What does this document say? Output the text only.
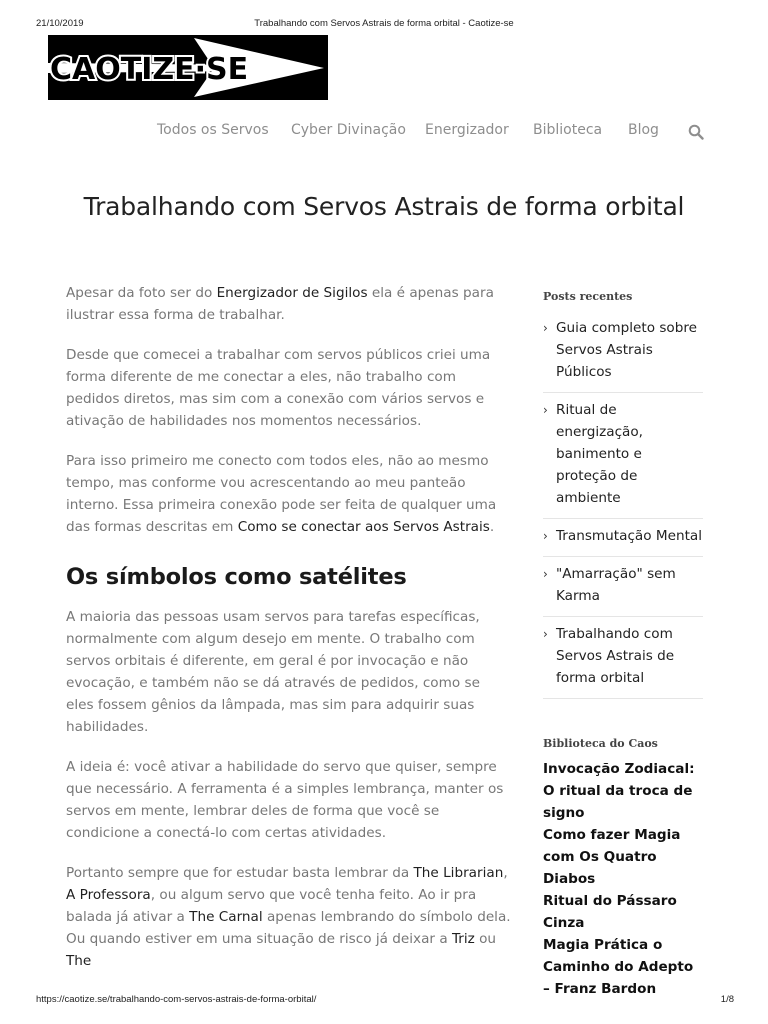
21/10/2019	Trabalhando com Servos Astrais de forma orbital - Caotize-se
CAOTIZE·SE
Todos os Servos Cyber Divinação Energizador Biblioteca Blog
Trabalhando com Servos Astrais de forma orbital

Apesar da foto ser do Energizador de Sigilos ela é apenas para ilustrar essa forma de trabalhar.

Desde que comecei a trabalhar com servos públicos criei uma forma diferente de me conectar a eles, não trabalho com pedidos diretos, mas sim com a conexão com vários servos e ativação de habilidades nos momentos necessários.

Para isso primeiro me conecto com todos eles, não ao mesmo tempo, mas conforme vou acrescentando ao meu panteão interno. Essa primeira conexão pode ser feita de qualquer uma das formas descritas em Como se conectar aos Servos Astrais.

Os símbolos como satélites

A maioria das pessoas usam servos para tarefas específicas, normalmente com algum desejo em mente. O trabalho com servos orbitais é diferente, em geral é por invocação e não evocação, e também não se dá através de pedidos, como se eles fossem gênios da lâmpada, mas sim para adquirir suas habilidades.

A ideia é: você ativar a habilidade do servo que quiser, sempre que necessário. A ferramenta é a simples lembrança, manter os servos em mente, lembrar deles de forma que você se condicione a conectá-lo com certas atividades.

Portanto sempre que for estudar basta lembrar da The Librarian, A Professora, ou algum servo que você tenha feito. Ao ir pra balada já ativar a The Carnal apenas lembrando do símbolo dela. Ou quando estiver em uma situação de risco já deixar a Triz ou The

Posts recentes
› Guia completo sobre Servos Astrais Públicos
› Ritual de energização, banimento e proteção de ambiente
› Transmutação Mental
› "Amarração" sem Karma
› Trabalhando com Servos Astrais de forma orbital
Biblioteca do Caos
Invocação Zodiacal: O ritual da troca de signo
Como fazer Magia com Os Quatro Diabos
Ritual do Pássaro Cinza
Magia Prática o Caminho do Adepto – Franz Bardon
https://caotize.se/trabalhando-com-servos-astrais-de-forma-orbital/	1/8
